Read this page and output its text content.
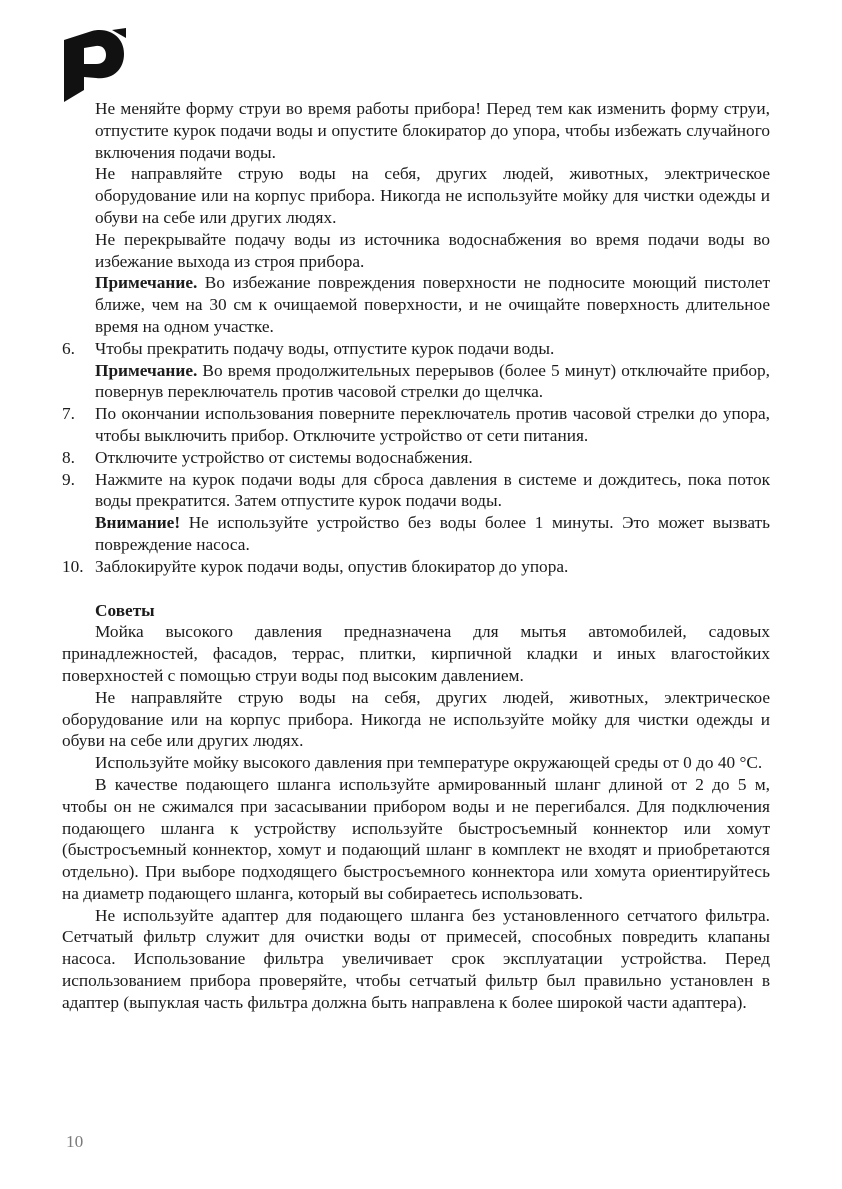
Не меняйте форму струи во время работы прибора! Перед тем как изменить форму струи, отпустите курок подачи воды и опустите блокиратор до упора, чтобы избежать случайного включения подачи воды.

Не направляйте струю воды на себя, других людей, животных, электрическое оборудование или на корпус прибора. Никогда не используйте мойку для чистки одежды и обуви на себе или других людях.

Не перекрывайте подачу воды из источника водоснабжения во время подачи воды во избежание выхода из строя прибора.

Примечание. Во избежание повреждения поверхности не подносите моющий пистолет ближе, чем на 30 см к очищаемой поверхности, и не очищайте поверхность длительное время на одном участке.

6. Чтобы прекратить подачу воды, отпустите курок подачи воды.

Примечание. Во время продолжительных перерывов (более 5 минут) отключайте прибор, повернув переключатель против часовой стрелки до щелчка.

7. По окончании использования поверните переключатель против часовой стрелки до упора, чтобы выключить прибор. Отключите устройство от сети питания.

8. Отключите устройство от системы водоснабжения.

9. Нажмите на курок подачи воды для сброса давления в системе и дождитесь, пока поток воды прекратится. Затем отпустите курок подачи воды.

Внимание! Не используйте устройство без воды более 1 минуты. Это может вызвать повреждение насоса.

10. Заблокируйте курок подачи воды, опустив блокиратор до упора.

Советы

Мойка высокого давления предназначена для мытья автомобилей, садовых принадлежностей, фасадов, террас, плитки, кирпичной кладки и иных влагостойких поверхностей с помощью струи воды под высоким давлением.

Не направляйте струю воды на себя, других людей, животных, электрическое оборудование или на корпус прибора. Никогда не используйте мойку для чистки одежды и обуви на себе или других людях.

Используйте мойку высокого давления при температуре окружающей среды от 0 до 40 °C.

В качестве подающего шланга используйте армированный шланг длиной от 2 до 5 м, чтобы он не сжимался при засасывании прибором воды и не перегибался. Для подключения подающего шланга к устройству используйте быстросъемный коннектор или хомут (быстросъемный коннектор, хомут и подающий шланг в комплект не входят и приобретаются отдельно). При выборе подходящего быстросъемного коннектора или хомута ориентируйтесь на диаметр подающего шланга, который вы собираетесь использовать.

Не используйте адаптер для подающего шланга без установленного сетчатого фильтра. Сетчатый фильтр служит для очистки воды от примесей, способных повредить клапаны насоса. Использование фильтра увеличивает срок эксплуатации устройства. Перед использованием прибора проверяйте, чтобы сетчатый фильтр был правильно установлен в адаптер (выпуклая часть фильтра должна быть направлена к более широкой части адаптера).

10
